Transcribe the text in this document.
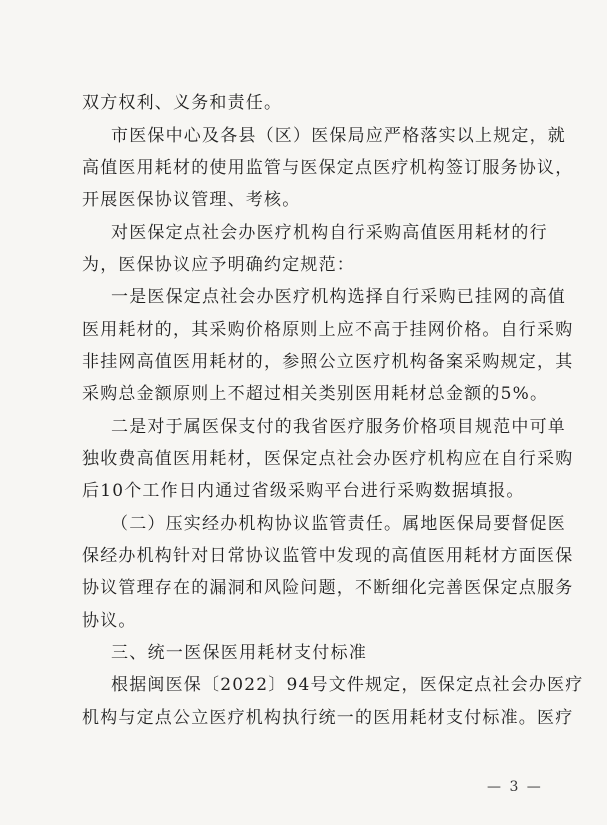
双方权利、义务和责任。
市医保中心及各县（区）医保局应严格落实以上规定，就
高值医用耗材的使用监管与医保定点医疗机构签订服务协议，
开展医保协议管理、考核。
对医保定点社会办医疗机构自行采购高值医用耗材的行
为，医保协议应予明确约定规范：
一是医保定点社会办医疗机构选择自行采购已挂网的高值
医用耗材的，其采购价格原则上应不高于挂网价格。自行采购
非挂网高值医用耗材的，参照公立医疗机构备案采购规定，其
采购总金额原则上不超过相关类别医用耗材总金额的5%。
二是对于属医保支付的我省医疗服务价格项目规范中可单
独收费高值医用耗材，医保定点社会办医疗机构应在自行采购
后10个工作日内通过省级采购平台进行采购数据填报。
（二）压实经办机构协议监管责任。属地医保局要督促医
保经办机构针对日常协议监管中发现的高值医用耗材方面医保
协议管理存在的漏洞和风险问题，不断细化完善医保定点服务
协议。
三、统一医保医用耗材支付标准
根据闽医保〔2022〕94号文件规定，医保定点社会办医疗
机构与定点公立医疗机构执行统一的医用耗材支付标准。医疗
— 3 —
